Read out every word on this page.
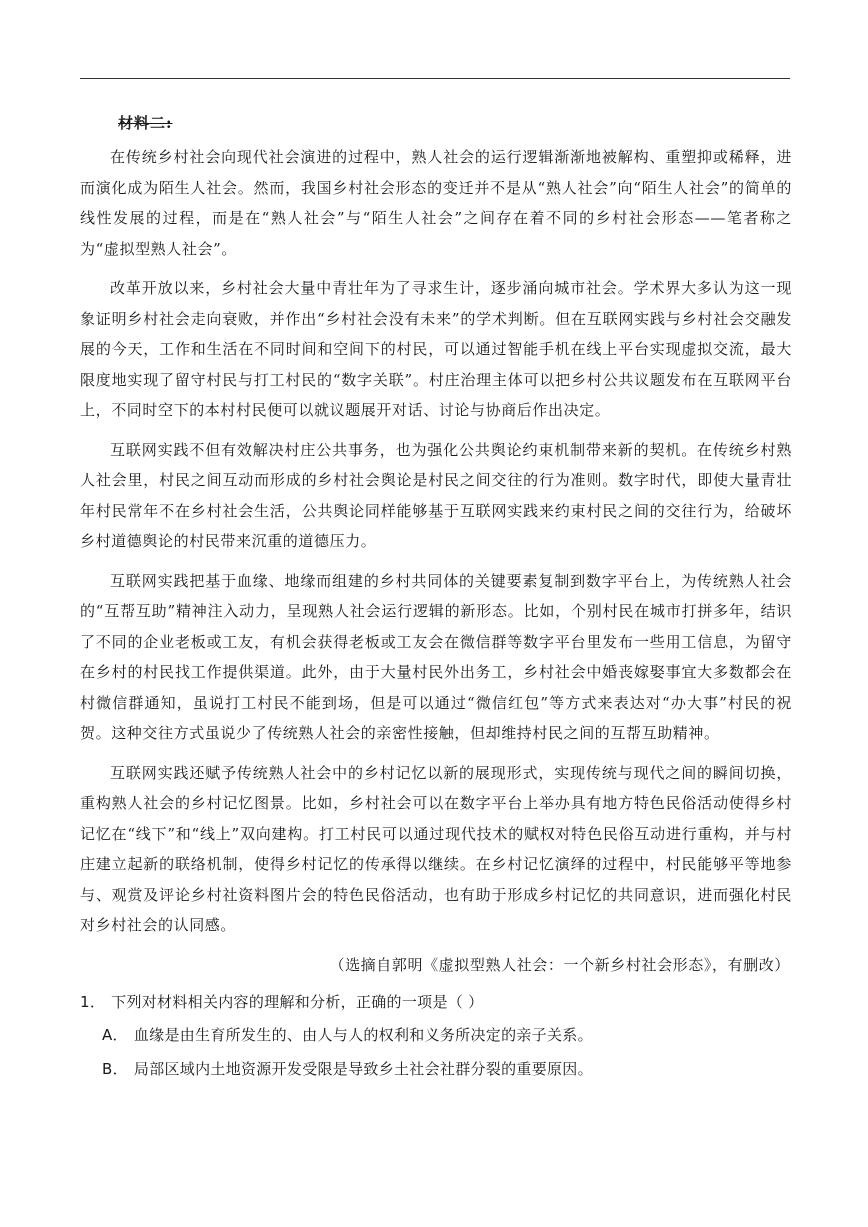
材料二:

在传统乡村社会向现代社会演进的过程中，熟人社会的运行逻辑渐渐地被解构、重塑抑或稀释，进而演化成为陌生人社会。然而，我国乡村社会形态的变迁并不是从“熟人社会”向“陌生人社会”的简单的线性发展的过程，而是在“熟人社会”与“陌生人社会”之间存在着不同的乡村社会形态——笔者称之为“虚拟型熟人社会”。

改革开放以来，乡村社会大量中青壮年为了寻求生计，逐步涌向城市社会。学术界大多认为这一现象证明乡村社会走向衰败，并作出“乡村社会没有未来”的学术判断。但在互联网实践与乡村社会交融发展的今天，工作和生活在不同时间和空间下的村民，可以通过智能手机在线上平台实现虚拟交流，最大限度地实现了留守村民与打工村民的“数字关联”。村庄治理主体可以把乡村公共议题发布在互联网平台上，不同时空下的本村村民便可以就议题展开对话、讨论与协商后作出决定。

互联网实践不但有效解决村庄公共事务，也为强化公共舆论约束机制带来新的契机。在传统乡村熟人社会里，村民之间互动而形成的乡村社会舆论是村民之间交往的行为准则。数字时代，即使大量青壮年村民常年不在乡村社会生活，公共舆论同样能够基于互联网实践来约束村民之间的交往行为，给破坏乡村道德舆论的村民带来沉重的道德压力。

互联网实践把基于血缘、地缘而组建的乡村共同体的关键要素复制到数字平台上，为传统熟人社会的“互帮互助”精神注入动力，呈现熟人社会运行逻辑的新形态。比如，个别村民在城市打拼多年，结识了不同的企业老板或工友，有机会获得老板或工友会在微信群等数字平台里发布一些用工信息，为留守在乡村的村民找工作提供渠道。此外，由于大量村民外出务工，乡村社会中婚丧嫁娶事宜大多数都会在村微信群通知，虽说打工村民不能到场，但是可以通过“微信红包”等方式来表达对“办大事”村民的祝贺。这种交往方式虽说少了传统熟人社会的亲密性接触，但却维持村民之间的互帮互助精神。

互联网实践还赋予传统熟人社会中的乡村记忆以新的展现形式，实现传统与现代之间的瞬间切换，重构熟人社会的乡村记忆图景。比如，乡村社会可以在数字平台上举办具有地方特色民俗活动使得乡村记忆在“线下”和“线上”双向建构。打工村民可以通过现代技术的赋权对特色民俗互动进行重构，并与村庄建立起新的联络机制，使得乡村记忆的传承得以继续。在乡村记忆演绎的过程中，村民能够平等地参与、观赏及评论乡村社资料图片会的特色民俗活动，也有助于形成乡村记忆的共同意识，进而强化村民对乡村社会的认同感。

（选摘自郭明《虚拟型熟人社会：一个新乡村社会形态》，有删改）

1． 下列对材料相关内容的理解和分析，正确的一项是（ ）

A． 血缘是由生育所发生的、由人与人的权利和义务所决定的亲子关系。

B． 局部区域内土地资源开发受限是导致乡土社会社群分裂的重要原因。
